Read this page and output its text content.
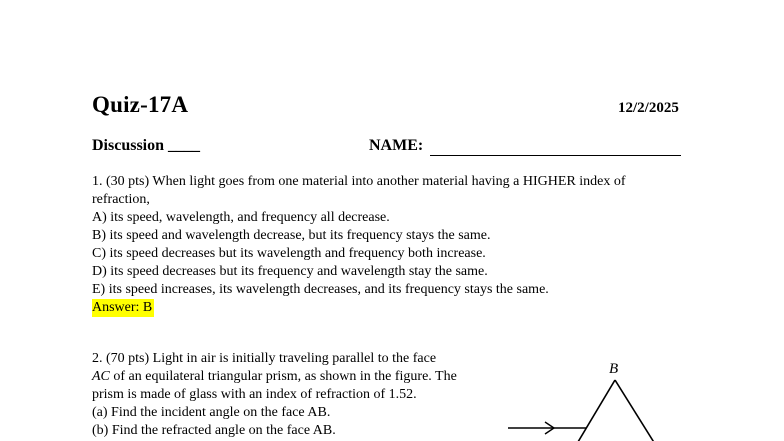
Quiz-17A	12/2/2025
Discussion ____	NAME:
1. (30 pts) When light goes from one material into another material having a HIGHER index of
refraction,
A) its speed, wavelength, and frequency all decrease.
B) its speed and wavelength decrease, but its frequency stays the same.
C) its speed decreases but its wavelength and frequency both increase.
D) its speed decreases but its frequency and wavelength stay the same.
E) its speed increases, its wavelength decreases, and its frequency stays the same.
Answer: B
2. (70 pts) Light in air is initially traveling parallel to the face
AC of an equilateral triangular prism, as shown in the figure. The
prism is made of glass with an index of refraction of 1.52.
(a) Find the incident angle on the face AB.
(b) Find the refracted angle on the face AB.
B
